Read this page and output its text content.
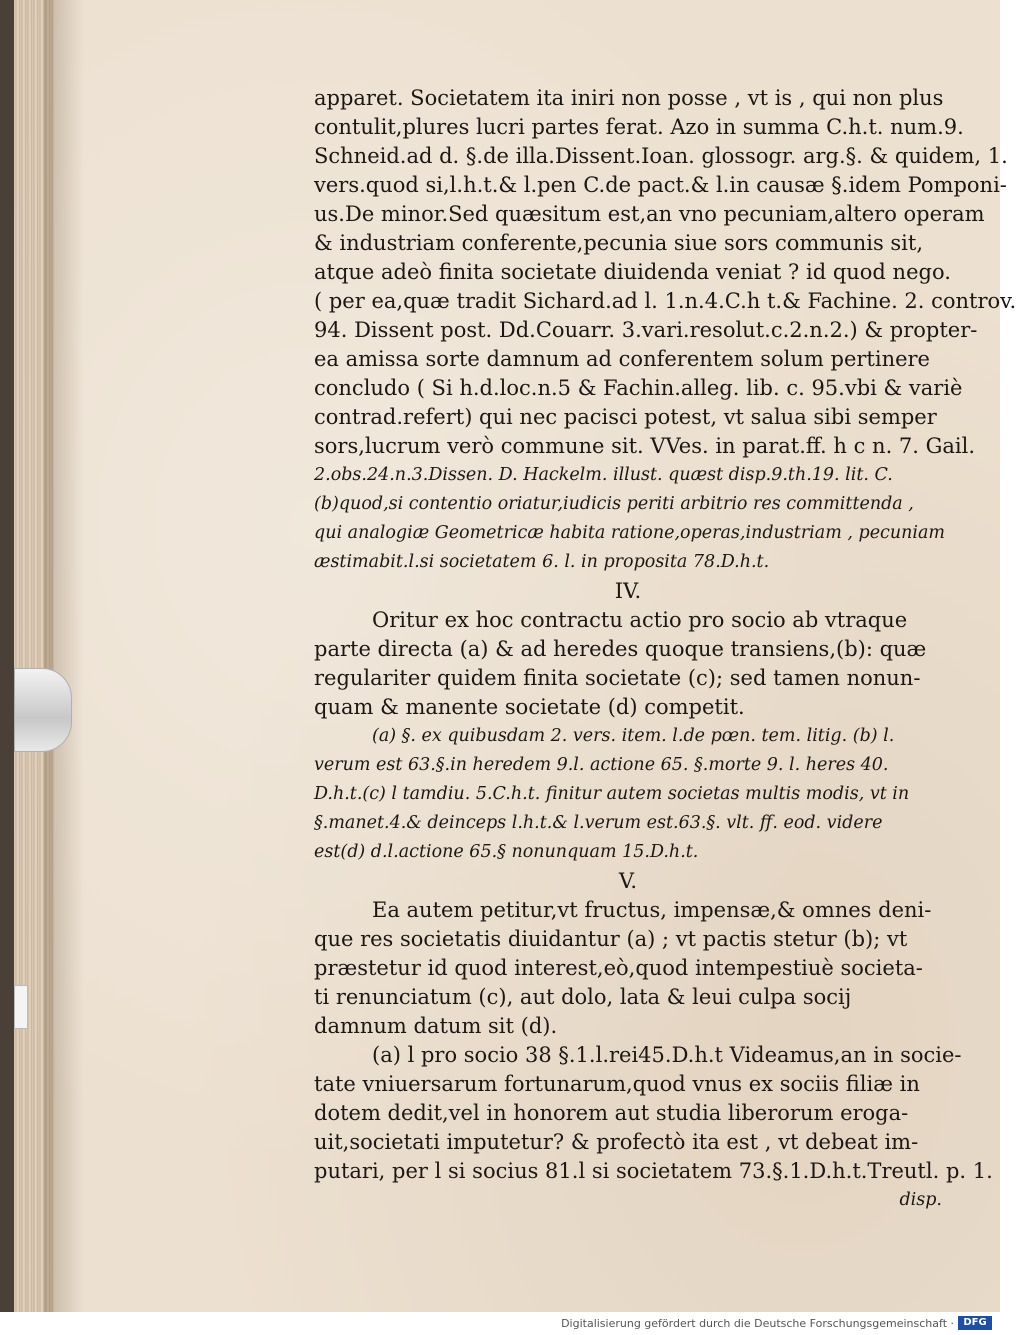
apparet. Societatem ita iniri non posse , vt is , qui non plus
contulit,plures lucri partes ferat. Azo in summa C.h.t. num.9.
Schneid.ad d. §.de illa.Dissent.Ioan. glossogr. arg.§. & quidem, 1.
vers.quod si,l.h.t.& l.pen C.de pact.& l.in causæ §.idem Pomponi-
us.De minor.Sed quæsitum est,an vno pecuniam,altero operam
& industriam conferente,pecunia siue sors communis sit,
atque adeò finita societate diuidenda veniat ? id quod nego.
( per ea,quæ tradit Sichard.ad l. 1.n.4.C.h t.& Fachine. 2. controv.
94. Dissent post. Dd.Couarr. 3.vari.resolut.c.2.n.2.) & propter-
ea amissa sorte damnum ad conferentem solum pertinere
concludo ( Si h.d.loc.n.5 & Fachin.alleg. lib. c. 95.vbi & variè
contrad.refert) qui nec pacisci potest, vt salua sibi semper
sors,lucrum verò commune sit. VVes. in parat.ff. h c n. 7. Gail.
2.obs.24.n.3.Dissen. D. Hackelm. illust. quæst disp.9.th.19. lit. C.
(b)quod,si contentio oriatur,iudicis periti arbitrio res committenda ,
qui analogiæ Geometricæ habita ratione,operas,industriam , pecuniam
æstimabit.l.si societatem 6. l. in proposita 78.D.h.t.
IV.
Oritur ex hoc contractu actio pro socio ab vtraque
parte directa (a) & ad heredes quoque transiens,(b): quæ
regulariter quidem finita societate (c); sed tamen nonun-
quam & manente societate (d) competit.
(a) §. ex quibusdam 2. vers. item. l.de pœn. tem. litig. (b) l.
verum est 63.§.in heredem 9.l. actione 65. §.morte 9. l. heres 40.
D.h.t.(c) l tamdiu. 5.C.h.t. finitur autem societas multis modis, vt in
§.manet.4.& deinceps l.h.t.& l.verum est.63.§. vlt. ff. eod. videre
est(d) d.l.actione 65.§ nonunquam 15.D.h.t.
V.
Ea autem petitur,vt fructus, impensæ,& omnes deni-
que res societatis diuidantur (a) ; vt pactis stetur (b); vt
præstetur id quod interest,eò,quod intempestiuè societa-
ti renunciatum (c), aut dolo, lata & leui culpa socij
damnum datum sit (d).
(a) l pro socio 38 §.1.l.rei45.D.h.t Videamus,an in socie-
tate vniuersarum fortunarum,quod vnus ex sociis filiæ in
dotem dedit,vel in honorem aut studia liberorum eroga-
uit,societati imputetur? & profectò ita est , vt debeat im-
putari, per l si socius 81.l si societatem 73.§.1.D.h.t.Treutl. p. 1.
disp.
Digitalisierung gefördert durch die Deutsche Forschungsgemeinschaft · DFG
